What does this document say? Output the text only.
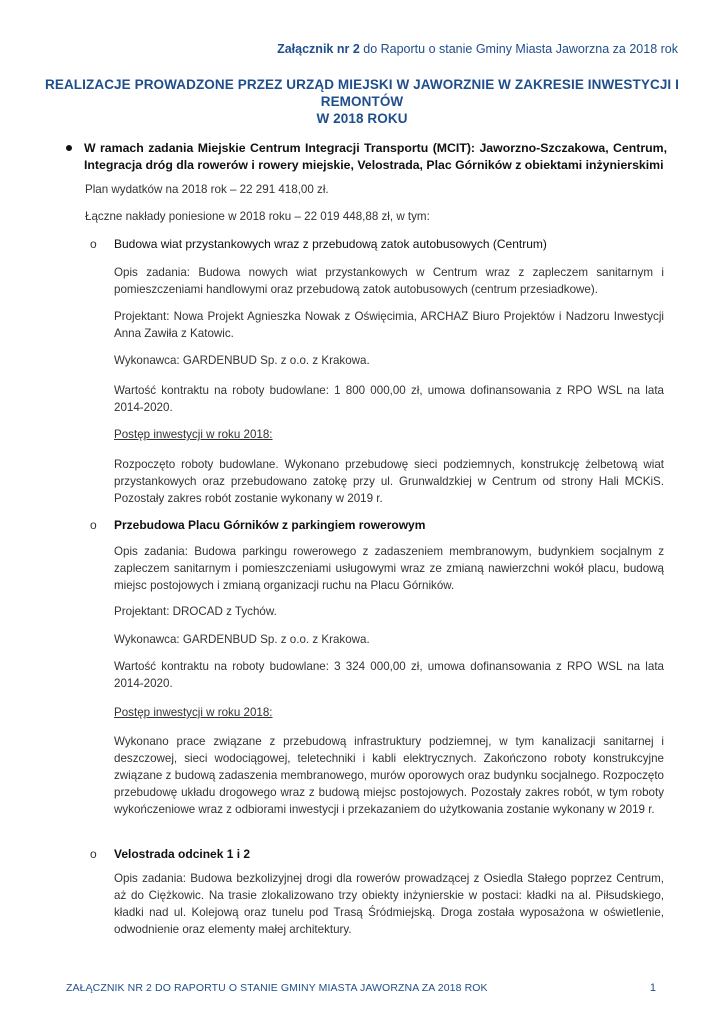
Załącznik nr 2 do Raportu o stanie Gminy Miasta Jaworzna za 2018 rok
REALIZACJE PROWADZONE PRZEZ URZĄD MIEJSKI W JAWORZNIE W ZAKRESIE INWESTYCJI I REMONTÓW
W 2018 ROKU
W ramach zadania Miejskie Centrum Integracji Transportu (MCIT): Jaworzno-Szczakowa, Centrum, Integracja dróg dla rowerów i rowery miejskie, Velostrada, Plac Górników z obiektami inżynierskimi
Plan wydatków na 2018 rok – 22 291 418,00 zł.
Łączne nakłady poniesione w 2018 roku – 22 019 448,88 zł, w tym:
o Budowa wiat przystankowych wraz z przebudową zatok autobusowych (Centrum)
Opis zadania: Budowa nowych wiat przystankowych w Centrum wraz z zapleczem sanitarnym i pomieszczeniami handlowymi oraz przebudową zatok autobusowych (centrum przesiadkowe).
Projektant: Nowa Projekt Agnieszka Nowak z Oświęcimia, ARCHAZ Biuro Projektów i Nadzoru Inwestycji Anna Zawiła z Katowic.
Wykonawca: GARDENBUD Sp. z o.o. z Krakowa.
Wartość kontraktu na roboty budowlane: 1 800 000,00 zł, umowa dofinansowania z RPO WSL na lata 2014-2020.
Postęp inwestycji w roku 2018:
Rozpoczęto roboty budowlane. Wykonano przebudowę sieci podziemnych, konstrukcję żelbetową wiat przystankowych oraz przebudowano zatokę przy ul. Grunwaldzkiej w Centrum od strony Hali MCKiS. Pozostały zakres robót zostanie wykonany w 2019 r.
o Przebudowa Placu Górników z parkingiem rowerowym
Opis zadania: Budowa parkingu rowerowego z zadaszeniem membranowym, budynkiem socjalnym z zapleczem sanitarnym i pomieszczeniami usługowymi wraz ze zmianą nawierzchni wokół placu, budową miejsc postojowych i zmianą organizacji ruchu na Placu Górników.
Projektant: DROCAD z Tychów.
Wykonawca: GARDENBUD Sp. z o.o. z Krakowa.
Wartość kontraktu na roboty budowlane: 3 324 000,00 zł, umowa dofinansowania z RPO WSL na lata 2014-2020.
Postęp inwestycji w roku 2018:
Wykonano prace związane z przebudową infrastruktury podziemnej, w tym kanalizacji sanitarnej i deszczowej, sieci wodociągowej, teletechniki i kabli elektrycznych. Zakończono roboty konstrukcyjne związane z budową zadaszenia membranowego, murów oporowych oraz budynku socjalnego. Rozpoczęto przebudowę układu drogowego wraz z budową miejsc postojowych. Pozostały zakres robót, w tym roboty wykończeniowe wraz z odbiorami inwestycji i przekazaniem do użytkowania zostanie wykonany w 2019 r.
o Velostrada odcinek 1 i 2
Opis zadania: Budowa bezkolizyjnej drogi dla rowerów prowadzącej z Osiedla Stałego poprzez Centrum, aż do Ciężkowic. Na trasie zlokalizowano trzy obiekty inżynierskie w postaci: kładki na al. Piłsudskiego, kładki nad ul. Kolejową oraz tunelu pod Trasą Śródmiejską. Droga została wyposażona w oświetlenie, odwodnienie oraz elementy małej architektury.
ZAŁĄCZNIK NR 2 DO RAPORTU O STANIE GMINY MIASTA JAWORZNA ZA 2018 ROK	1
